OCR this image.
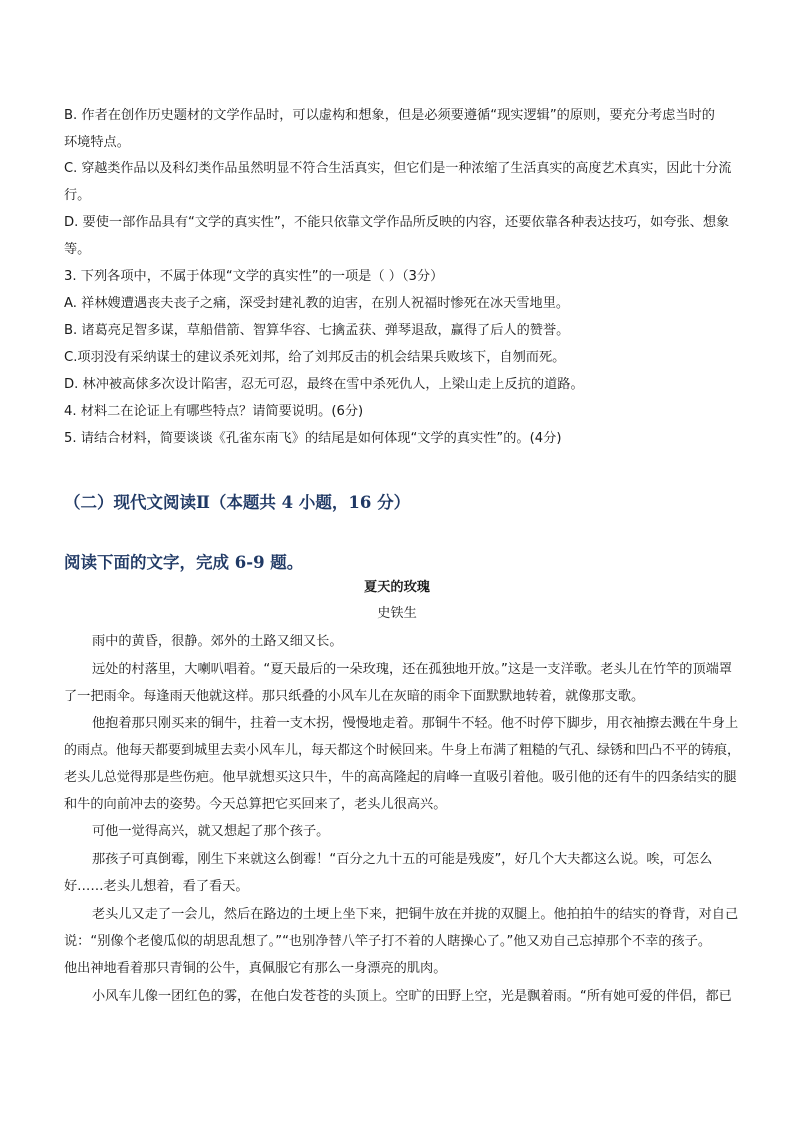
B. 作者在创作历史题材的文学作品时，可以虚构和想象，但是必须要遵循“现实逻辑”的原则，要充分考虑当时的
环境特点。
C. 穿越类作品以及科幻类作品虽然明显不符合生活真实，但它们是一种浓缩了生活真实的高度艺术真实，因此十分流
行。
D. 要使一部作品具有“文学的真实性”，不能只依靠文学作品所反映的内容，还要依靠各种表达技巧，如夸张、想象
等。
3. 下列各项中，不属于体现“文学的真实性”的一项是（ ）（3分）
A. 祥林嫂遭遇丧夫丧子之痛，深受封建礼教的迫害，在别人祝福时惨死在冰天雪地里。
B. 诸葛亮足智多谋，草船借箭、智算华容、七擒孟获、弹琴退敌，赢得了后人的赞誉。
C.项羽没有采纳谋士的建议杀死刘邦，给了刘邦反击的机会结果兵败垓下，自刎而死。
D. 林冲被高俅多次设计陷害，忍无可忍，最终在雪中杀死仇人，上梁山走上反抗的道路。
4. 材料二在论证上有哪些特点？请简要说明。(6分)
5. 请结合材料，简要谈谈《孔雀东南飞》的结尾是如何体现“文学的真实性”的。(4分)
（二）现代文阅读Ⅱ（本题共 4 小题，16 分）
阅读下面的文字，完成 6-9 题。
夏天的玫瑰
史铁生
雨中的黄昏，很静。郊外的土路又细又长。
远处的村落里，大喇叭唱着。“夏天最后的一朵玫瑰，还在孤独地开放。”这是一支洋歌。老头儿在竹竿的顶端罩
了一把雨伞。每逢雨天他就这样。那只纸叠的小风车儿在灰暗的雨伞下面默默地转着，就像那支歌。
他抱着那只刚买来的铜牛，拄着一支木拐，慢慢地走着。那铜牛不轻。他不时停下脚步，用衣袖擦去溅在牛身上
的雨点。他每天都要到城里去卖小风车儿，每天都这个时候回来。牛身上布满了粗糙的气孔、绿锈和凹凸不平的铸痕，
老头儿总觉得那是些伤疤。他早就想买这只牛，牛的高高隆起的肩峰一直吸引着他。吸引他的还有牛的四条结实的腿
和牛的向前冲去的姿势。今天总算把它买回来了，老头儿很高兴。
可他一觉得高兴，就又想起了那个孩子。
那孩子可真倒霉，刚生下来就这么倒霉！“百分之九十五的可能是残废”，好几个大夫都这么说。唉，可怎么
好……老头儿想着，看了看天。
老头儿又走了一会儿，然后在路边的土埂上坐下来，把铜牛放在并拢的双腿上。他拍拍牛的结实的脊背，对自己
说：“别像个老傻瓜似的胡思乱想了。”“也别净替八竿子打不着的人瞎操心了。”他又劝自己忘掉那个不幸的孩子。
他出神地看着那只青铜的公牛，真佩服它有那么一身漂亮的肌肉。
小风车儿像一团红色的雾，在他白发苍苍的头顶上。空旷的田野上空，光是飘着雨。“所有她可爱的伴侣，都已
